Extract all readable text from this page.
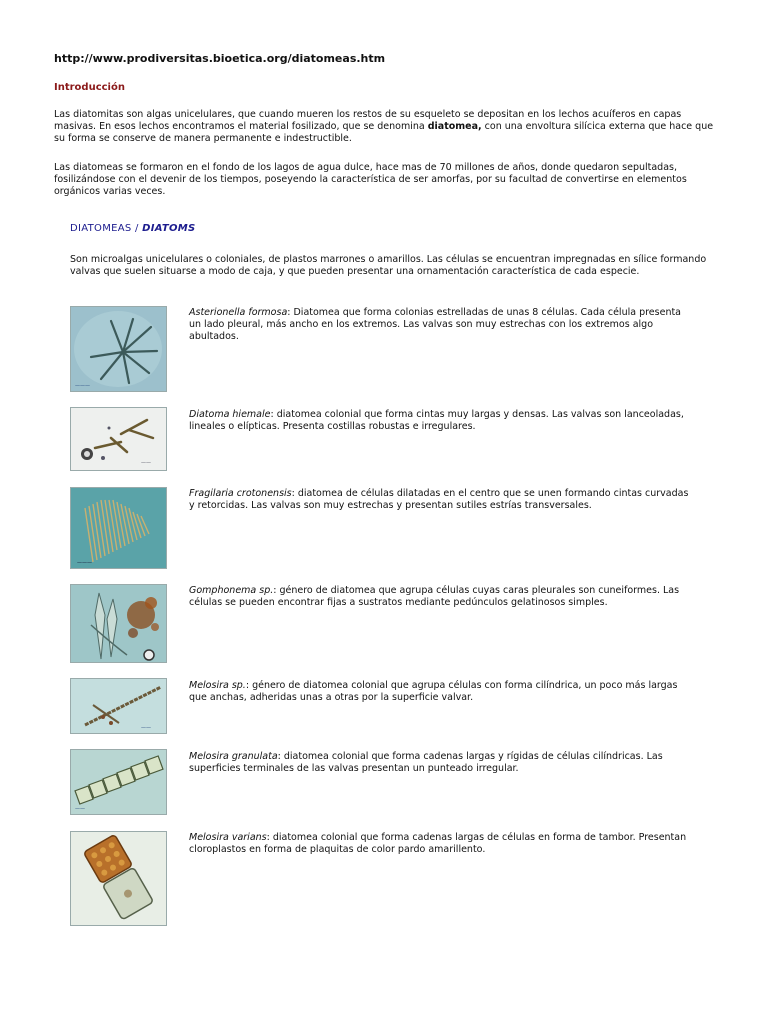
http://www.prodiversitas.bioetica.org/diatomeas.htm
Introducción
Las diatomitas son algas unicelulares, que cuando mueren los restos de su esqueleto se depositan en los lechos acuíferos en capas masivas. En esos lechos encontramos el material fosilizado, que se denomina diatomea, con una envoltura silícica externa que hace que su forma se conserve de manera permanente e indestructible.
Las diatomeas se formaron en el fondo de los lagos de agua dulce, hace mas de 70 millones de años, donde quedaron sepultadas, fosilizándose con el devenir de los tiempos, poseyendo la característica de ser amorfas, por su facultad de convertirse en elementos orgánicos varias veces.
DIATOMEAS / DIATOMS
Son microalgas unicelulares o coloniales, de plastos marrones o amarillos. Las células se encuentran impregnadas en sílice formando valvas que suelen situarse a modo de caja, y que pueden presentar una ornamentación característica de cada especie.
———
Asterionella formosa: Diatomea que forma colonias estrelladas de unas 8 células. Cada célula presenta un lado pleural, más ancho en los extremos. Las valvas son muy estrechas con los extremos algo abultados.
——
Diatoma hiemale: diatomea colonial que forma cintas muy largas y densas. Las valvas son lanceoladas, lineales o elípticas. Presenta costillas robustas e irregulares.
———
Fragilaria crotonensis: diatomea de células dilatadas en el centro que se unen formando cintas curvadas y retorcidas. Las valvas son muy estrechas y presentan sutiles estrías transversales.
Gomphonema sp.: género de diatomea que agrupa células cuyas caras pleurales son cuneiformes. Las células se pueden encontrar fijas a sustratos mediante pedúnculos gelatinosos simples.
——
Melosira sp.: género de diatomea colonial que agrupa células con forma cilíndrica, un poco más largas que anchas, adheridas unas a otras por la superficie valvar.
——
Melosira granulata: diatomea colonial que forma cadenas largas y rígidas de células cilíndricas. Las superficies terminales de las valvas presentan un punteado irregular.
Melosira varians: diatomea colonial que forma cadenas largas de células en forma de tambor. Presentan cloroplastos en forma de plaquitas de color pardo amarillento.
